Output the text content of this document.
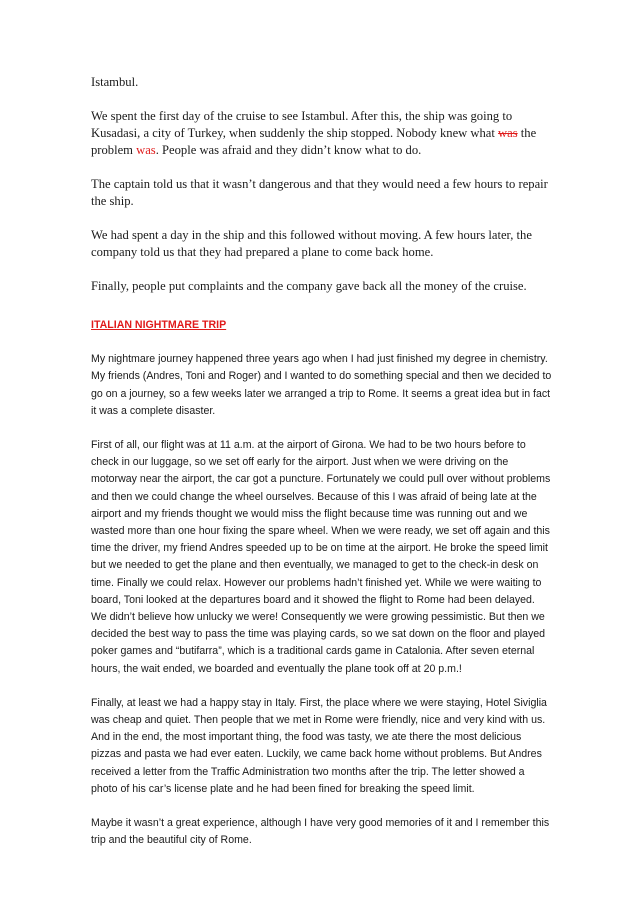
Istambul.

We spent the first day of the cruise to see Istambul. After this, the ship was going to Kusadasi, a city of Turkey, when suddenly the ship stopped. Nobody knew what was the problem was. People was afraid and they didn’t know what to do.

The captain told us that it wasn’t dangerous and that they would need a few hours to repair the ship.

We had spent a day in the ship and this followed without moving. A few hours later, the company told us that they had prepared a plane to come back home.

Finally, people put complaints and the company gave back all the money of the cruise.

ITALIAN NIGHTMARE TRIP

My nightmare journey happened three years ago when I had just finished my degree in chemistry. My friends (Andres, Toni and Roger) and I wanted to do something special and then we decided to go on a journey, so a few weeks later we arranged a trip to Rome. It seems a great idea but in fact it was a complete disaster.

First of all, our flight was at 11 a.m. at the airport of Girona. We had to be two hours before to check in our luggage, so we set off early for the airport. Just when we were driving on the motorway near the airport, the car got a puncture. Fortunately we could pull over without problems and then we could change the wheel ourselves. Because of this I was afraid of being late at the airport and my friends thought we would miss the flight because time was running out and we wasted more than one hour fixing the spare wheel. When we were ready, we set off again and this time the driver, my friend Andres speeded up to be on time at the airport. He broke the speed limit but we needed to get the plane and then eventually, we managed to get to the check-in desk on time. Finally we could relax. However our problems hadn’t finished yet. While we were waiting to board, Toni looked at the departures board and it showed the flight to Rome had been delayed. We didn’t believe how unlucky we were! Consequently we were growing pessimistic. But then we decided the best way to pass the time was playing cards, so we sat down on the floor and played poker games and “butifarra”, which is a traditional cards game in Catalonia. After seven eternal hours, the wait ended, we boarded and eventually the plane took off at 20 p.m.!

Finally, at least we had a happy stay in Italy. First, the place where we were staying, Hotel Siviglia was cheap and quiet. Then people that we met in Rome were friendly, nice and very kind with us. And in the end, the most important thing, the food was tasty, we ate there the most delicious pizzas and pasta we had ever eaten. Luckily, we came back home without problems. But Andres received a letter from the Traffic Administration two months after the trip. The letter showed a photo of his car’s license plate and he had been fined for breaking the speed limit.

Maybe it wasn’t a great experience, although I have very good memories of it and I remember this trip and the beautiful city of Rome.
